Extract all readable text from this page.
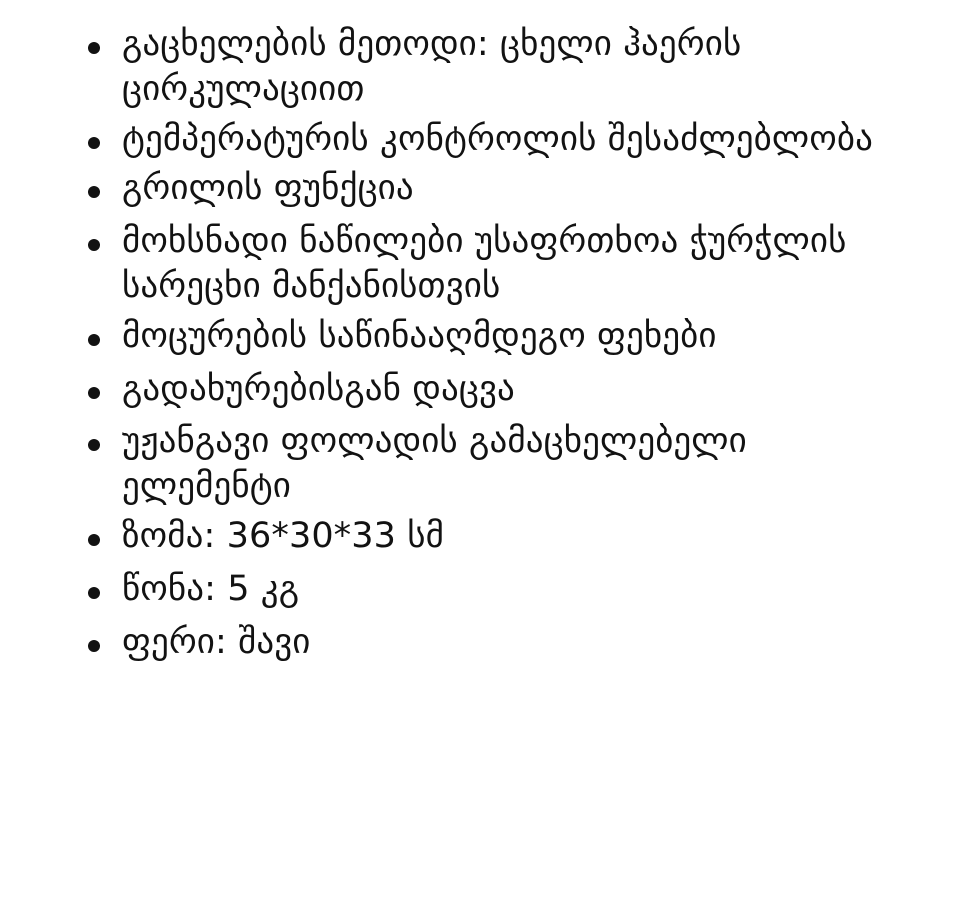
გაცხელების მეთოდი: ცხელი ჰაერის ცირკულაციით
ტემპერატურის კონტროლის შესაძლებლობა
გრილის ფუნქცია
მოხსნადი ნაწილები უსაფრთხოა ჭურჭლის სარეცხი მანქანისთვის
მოცურების საწინააღმდეგო ფეხები
გადახურებისგან დაცვა
უჟანგავი ფოლადის გამაცხელებელი ელემენტი
ზომა: 36*30*33 სმ
წონა: 5 კგ
ფერი: შავი
